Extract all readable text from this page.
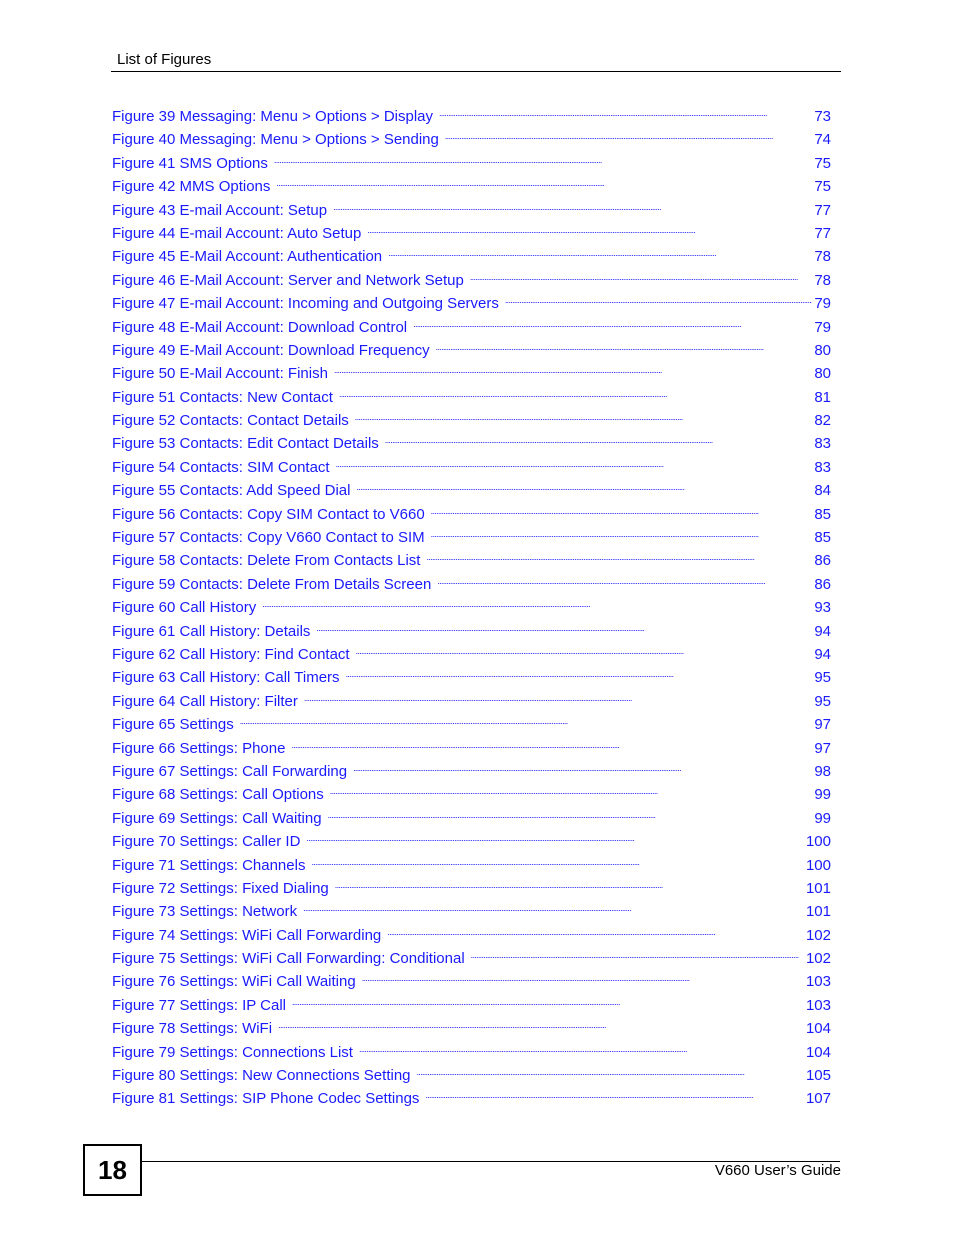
List of Figures
Figure 39 Messaging: Menu > Options > Display . . .	73
Figure 40 Messaging: Menu > Options > Sending . . .	74
Figure 41 SMS Options . . .	75
Figure 42 MMS Options . . .	75
Figure 43 E-mail Account: Setup . . .	77
Figure 44 E-mail Account: Auto Setup . . .	77
Figure 45 E-Mail Account: Authentication . . .	78
Figure 46 E-Mail Account: Server and Network Setup . . .	78
Figure 47 E-mail Account: Incoming and Outgoing Servers . . .	79
Figure 48 E-Mail Account: Download Control . . .	79
Figure 49 E-Mail Account: Download Frequency . . .	80
Figure 50 E-Mail Account: Finish . . .	80
Figure 51 Contacts: New Contact . . .	81
Figure 52 Contacts: Contact Details . . .	82
Figure 53 Contacts: Edit Contact Details . . .	83
Figure 54 Contacts: SIM Contact . . .	83
Figure 55 Contacts: Add Speed Dial . . .	84
Figure 56 Contacts: Copy SIM Contact to V660 . . .	85
Figure 57 Contacts: Copy V660 Contact to SIM . . .	85
Figure 58 Contacts: Delete From Contacts List . . .	86
Figure 59 Contacts: Delete From Details Screen . . .	86
Figure 60 Call History . . .	93
Figure 61 Call History: Details . . .	94
Figure 62 Call History: Find Contact . . .	94
Figure 63 Call History: Call Timers . . .	95
Figure 64 Call History: Filter . . .	95
Figure 65 Settings . . .	97
Figure 66 Settings: Phone . . .	97
Figure 67 Settings: Call Forwarding . . .	98
Figure 68 Settings: Call Options . . .	99
Figure 69 Settings: Call Waiting . . .	99
Figure 70 Settings: Caller ID . . .	100
Figure 71 Settings: Channels . . .	100
Figure 72 Settings: Fixed Dialing . . .	101
Figure 73 Settings: Network . . .	101
Figure 74 Settings: WiFi Call Forwarding . . .	102
Figure 75 Settings: WiFi Call Forwarding: Conditional . . .	102
Figure 76 Settings: WiFi Call Waiting . . .	103
Figure 77 Settings: IP Call . . .	103
Figure 78 Settings: WiFi . . .	104
Figure 79 Settings: Connections List . . .	104
Figure 80 Settings: New Connections Setting . . .	105
Figure 81 Settings: SIP Phone Codec Settings . . .	107
18	V660 User’s Guide
